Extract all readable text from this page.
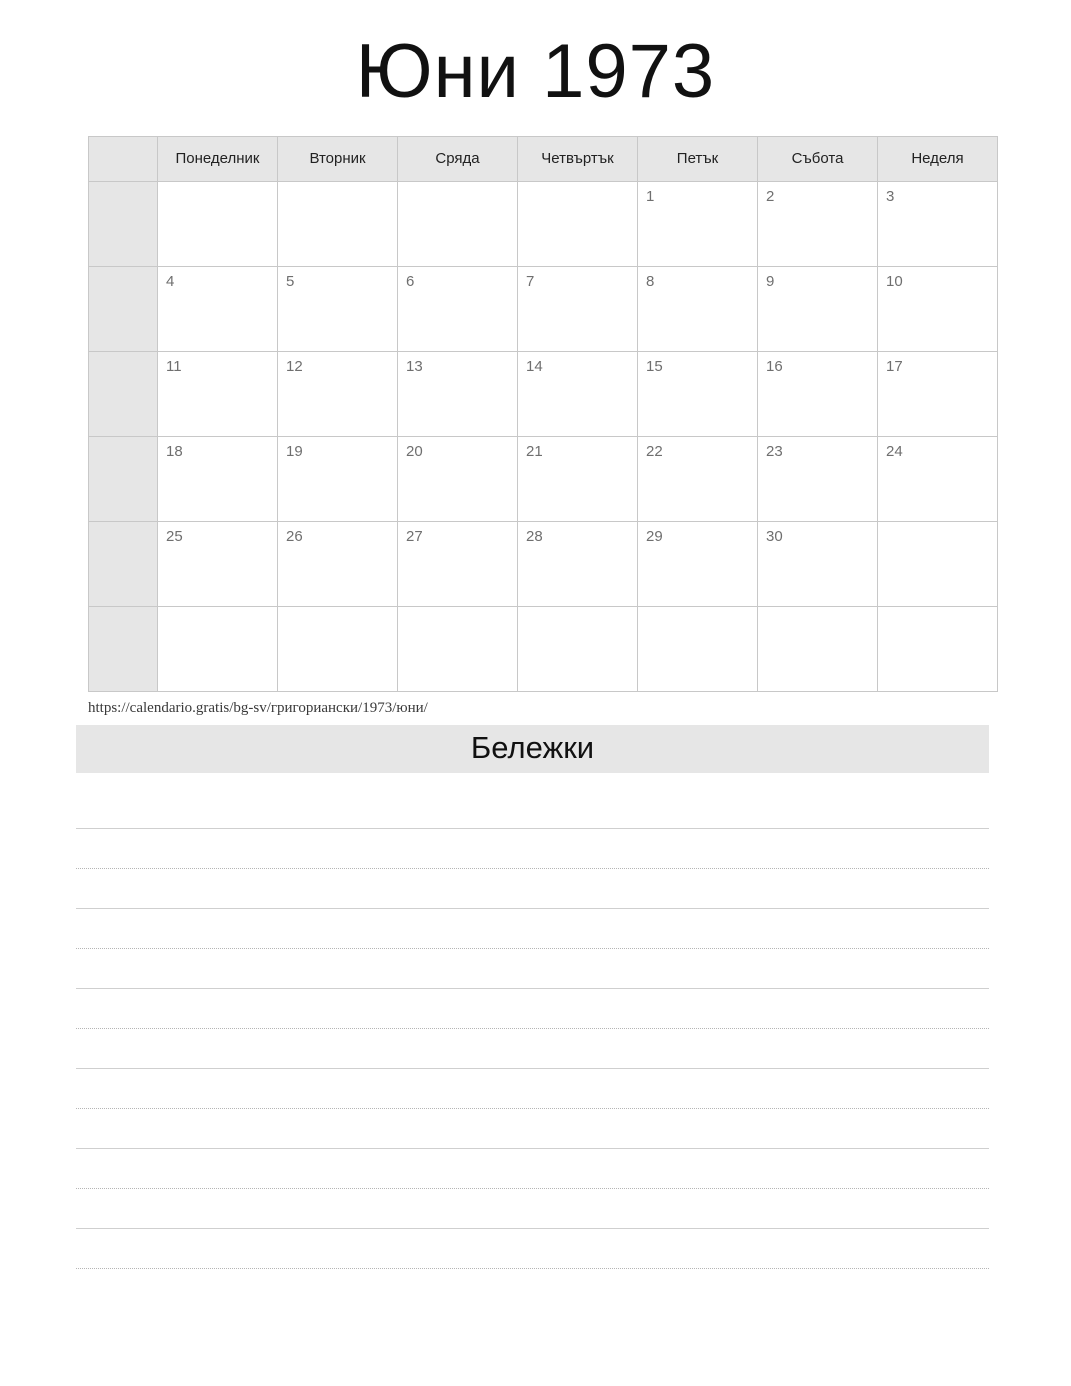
Юни 1973
	Понеделник	Вторник	Сряда	Четвъртък	Петък	Събота	Неделя

					1	2	3

	4	5	6	7	8	9	10

	11	12	13	14	15	16	17

	18	19	20	21	22	23	24

	25	26	27	28	29	30	

https://calendario.gratis/bg-sv/григориански/1973/юни/
Бележки
